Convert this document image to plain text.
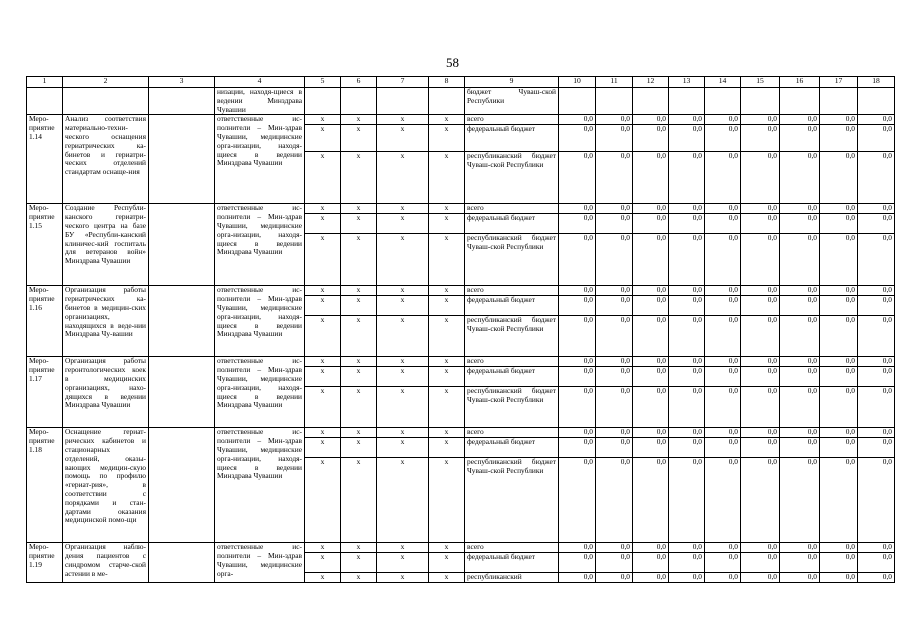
58
1	2	3	4	5	6	7	8	9	10	11	12	13	14	15	16	17	18
			низации, находя-щиеся в ведении Минздрава Чувашии					бюджет Чуваш-ской Республики									
Меро-приятие 1.14	Анализ соответствия материально-техни-ческого оснащения гериатрических ка-бинетов и гериатри-ческих отделений стандартам оснаще-ния		ответственные ис-полнители – Мин-здрав Чувашии, медицинские орга-низации, находя-щиеся в ведении Минздрава Чувашии	х	х	х	х	всего	0,0	0,0	0,0	0,0	0,0	0,0	0,0	0,0	0,0
				х	х	х	х	федеральный бюджет	0,0	0,0	0,0	0,0	0,0	0,0	0,0	0,0	0,0
				х	х	х	х	республиканский бюджет Чуваш-ской Республики	0,0	0,0	0,0	0,0	0,0	0,0	0,0	0,0	0,0
Меро-приятие 1.15	Создание Республи-канского гериатри-ческого центра на базе БУ «Республи-канский клиничес-кий госпиталь для ветеранов войн» Минздрава Чувашии		ответственные ис-полнители – Мин-здрав Чувашии, медицинские орга-низации, находя-щиеся в ведении Минздрава Чувашии	х	х	х	х	всего	0,0	0,0	0,0	0,0	0,0	0,0	0,0	0,0	0,0
				х	х	х	х	федеральный бюджет	0,0	0,0	0,0	0,0	0,0	0,0	0,0	0,0	0,0
				х	х	х	х	республиканский бюджет Чуваш-ской Республики	0,0	0,0	0,0	0,0	0,0	0,0	0,0	0,0	0,0
Меро-приятие 1.16	Организация работы гериатрических ка-бинетов в медицин-ских организациях, находящихся в веде-нии Минздрава Чу-вашии		ответственные ис-полнители – Мин-здрав Чувашии, медицинские орга-низации, находя-щиеся в ведении Минздрава Чувашии	х	х	х	х	всего	0,0	0,0	0,0	0,0	0,0	0,0	0,0	0,0	0,0
				х	х	х	х	федеральный бюджет	0,0	0,0	0,0	0,0	0,0	0,0	0,0	0,0	0,0
				х	х	х	х	республиканский бюджет Чуваш-ской Республики	0,0	0,0	0,0	0,0	0,0	0,0	0,0	0,0	0,0
Меро-приятие 1.17	Организация работы геронтологических коек в медицинских организациях, нахо-дящихся в ведении Минздрава Чувашии		ответственные ис-полнители – Мин-здрав Чувашии, медицинские орга-низации, находя-щиеся в ведении Минздрава Чувашии	х	х	х	х	всего	0,0	0,0	0,0	0,0	0,0	0,0	0,0	0,0	0,0
				х	х	х	х	федеральный бюджет	0,0	0,0	0,0	0,0	0,0	0,0	0,0	0,0	0,0
				х	х	х	х	республиканский бюджет Чуваш-ской Республики	0,0	0,0	0,0	0,0	0,0	0,0	0,0	0,0	0,0
Меро-приятие 1.18	Оснащение гериат-рических кабинетов и стационарных отделений, оказы-вающих медицин-скую помощь по профилю «гериат-рия», в соответствии с порядками и стан-дартами оказания медицинской помо-щи		ответственные ис-полнители – Мин-здрав Чувашии, медицинские орга-низации, находя-щиеся в ведении Минздрава Чувашии	х	х	х	х	всего	0,0	0,0	0,0	0,0	0,0	0,0	0,0	0,0	0,0
				х	х	х	х	федеральный бюджет	0,0	0,0	0,0	0,0	0,0	0,0	0,0	0,0	0,0
				х	х	х	х	республиканский бюджет Чуваш-ской Республики	0,0	0,0	0,0	0,0	0,0	0,0	0,0	0,0	0,0
Меро-приятие 1.19	Организация наблю-дения пациентов с синдромом старче-ской астении в ме-		ответственные ис-полнители – Мин-здрав Чувашии, медицинские орга-	х	х	х	х	всего	0,0	0,0	0,0	0,0	0,0	0,0	0,0	0,0	0,0
				х	х	х	х	федеральный бюджет	0,0	0,0	0,0	0,0	0,0	0,0	0,0	0,0	0,0
				х	х	х	х	республиканский	0,0	0,0	0,0	0,0	0,0	0,0	0,0	0,0	0,0
